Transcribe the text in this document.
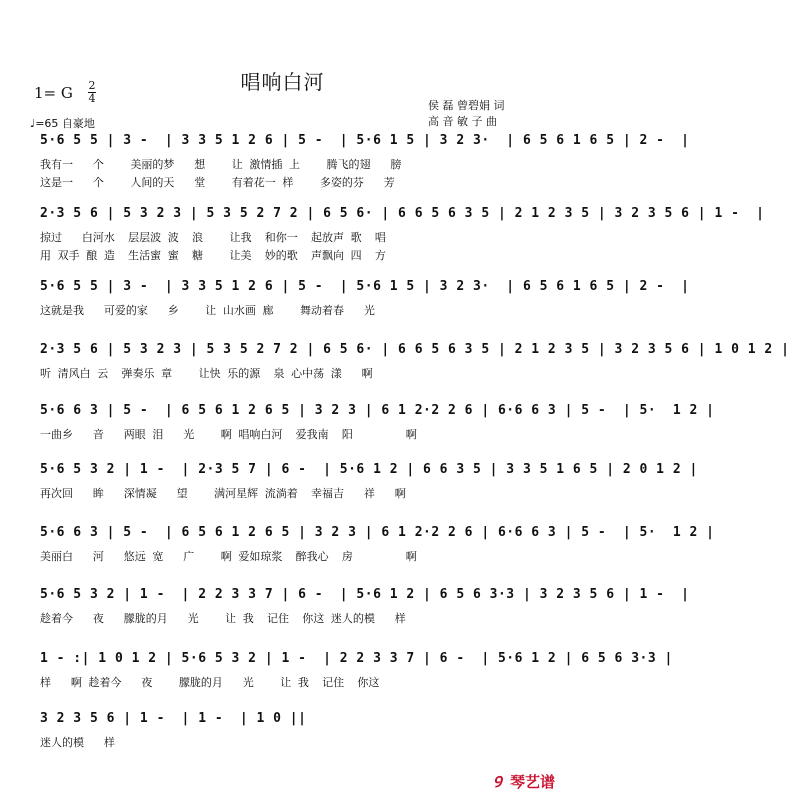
唱响白河
1= G 2
4
♩=65 自豪地
侯 磊 曾碧娟 词
高 音 敏 子 曲
5·6 5 5 | 3 -  | 3 3 5 1 2 6 | 5 -  | 5·6 1 5 | 3 2 3·  | 6 5 6 1 6 5 | 2 -  |
我有一   个    美丽的梦   想    让 激情插 上    腾飞的翅   膀
这是一   个    人间的天   堂    有着花一 样    多姿的芬   芳
2·3 5 6 | 5 3 2 3 | 5 3 5 2 7 2 | 6 5 6· | 6 6 5 6 3 5 | 2 1 2 3 5 | 3 2 3 5 6 | 1 -  |
掠过   白河水  层层波 波  浪    让我  和你一  起放声 歌  唱
用 双手 酿 造  生活蜜 蜜  糖    让美  妙的歌  声飘向 四  方
5·6 5 5 | 3 -  | 3 3 5 1 2 6 | 5 -  | 5·6 1 5 | 3 2 3·  | 6 5 6 1 6 5 | 2 -  |
这就是我   可爱的家   乡    让 山水画 廊    舞动着春   光
2·3 5 6 | 5 3 2 3 | 5 3 5 2 7 2 | 6 5 6· | 6 6 5 6 3 5 | 2 1 2 3 5 | 3 2 3 5 6 | 1 0 1 2 |
听 清风白 云  弹奏乐 章    让快 乐的源  泉 心中荡 漾   啊
5·6 6 3 | 5 -  | 6 5 6 1 2 6 5 | 3 2 3 | 6 1 2·2 2 6 | 6·6 6 3 | 5 -  | 5·  1 2 |
一曲乡   音   两眼 泪   光    啊 唱响白河  爱我南  阳        啊
5·6 5 3 2 | 1 -  | 2·3 5 7 | 6 -  | 5·6 1 2 | 6 6 3 5 | 3 3 5 1 6 5 | 2 0 1 2 |
再次回   眸   深情凝   望    满河星辉 流淌着  幸福吉   祥   啊
5·6 6 3 | 5 -  | 6 5 6 1 2 6 5 | 3 2 3 | 6 1 2·2 2 6 | 6·6 6 3 | 5 -  | 5·  1 2 |
美丽白   河   悠远 宽   广    啊 爱如琼浆  醉我心  房        啊
5·6 5 3 2 | 1 -  | 2 2 3 3 7 | 6 -  | 5·6 1 2 | 6 5 6 3·3 | 3 2 3 5 6 | 1 -  |
趁着今   夜   朦胧的月   光    让 我  记住  你这 迷人的模   样
1 - :| 1 0 1 2 | 5·6 5 3 2 | 1 -  | 2 2 3 3 7 | 6 -  | 5·6 1 2 | 6 5 6 3·3 |
样   啊 趁着今   夜    朦胧的月   光    让 我  记住  你这
3 2 3 5 6 | 1 -  | 1 -  | 1 0 ||
迷人的模   样
Ꝯ 琴艺谱
